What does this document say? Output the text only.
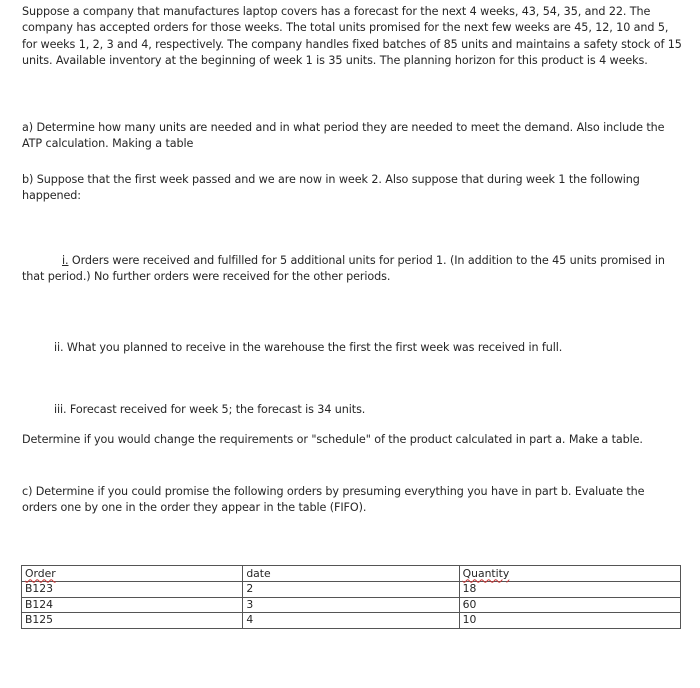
Suppose a company that manufactures laptop covers has a forecast for the next 4 weeks, 43, 54, 35, and 22. The company has accepted orders for those weeks. The total units promised for the next few weeks are 45, 12, 10 and 5, for weeks 1, 2, 3 and 4, respectively. The company handles fixed batches of 85 units and maintains a safety stock of 15 units. Available inventory at the beginning of week 1 is 35 units. The planning horizon for this product is 4 weeks.

a) Determine how many units are needed and in what period they are needed to meet the demand. Also include the ATP calculation. Making a table

b) Suppose that the first week passed and we are now in week 2. Also suppose that during week 1 the following happened:

i. Orders were received and fulfilled for 5 additional units for period 1. (In addition to the 45 units promised in that period.) No further orders were received for the other periods.

ii. What you planned to receive in the warehouse the first the first week was received in full.

iii. Forecast received for week 5; the forecast is 34 units.

Determine if you would change the requirements or "schedule" of the product calculated in part a. Make a table.

c) Determine if you could promise the following orders by presuming everything you have in part b. Evaluate the orders one by one in the order they appear in the table (FIFO).

Order	date	Quantity
B123	2	18
B124	3	60
B125	4	10
